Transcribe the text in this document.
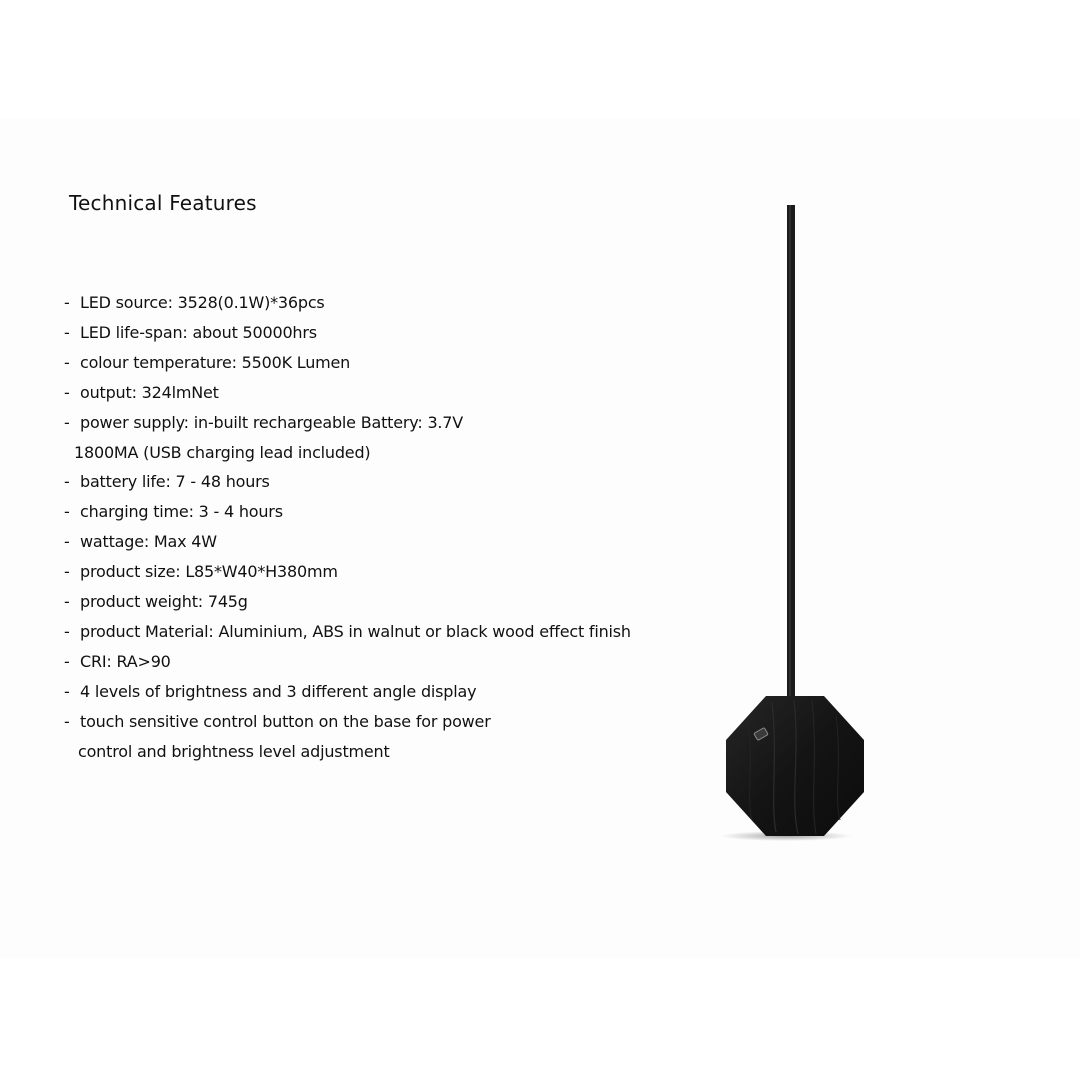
Technical Features
- LED source: 3528(0.1W)*36pcs
- LED life-span: about 50000hrs
- colour temperature: 5500K Lumen
- output: 324lmNet
- power supply: in-built rechargeable Battery: 3.7V
1800MA (USB charging lead included)
- battery life: 7 - 48 hours
- charging time: 3 - 4 hours
- wattage: Max 4W
- product size: L85*W40*H380mm
- product weight: 745g
- product Material: Aluminium, ABS in walnut or black wood effect finish
- CRI: RA>90
- 4 levels of brightness and 3 different angle display
- touch sensitive control button on the base for power
control and brightness level adjustment
